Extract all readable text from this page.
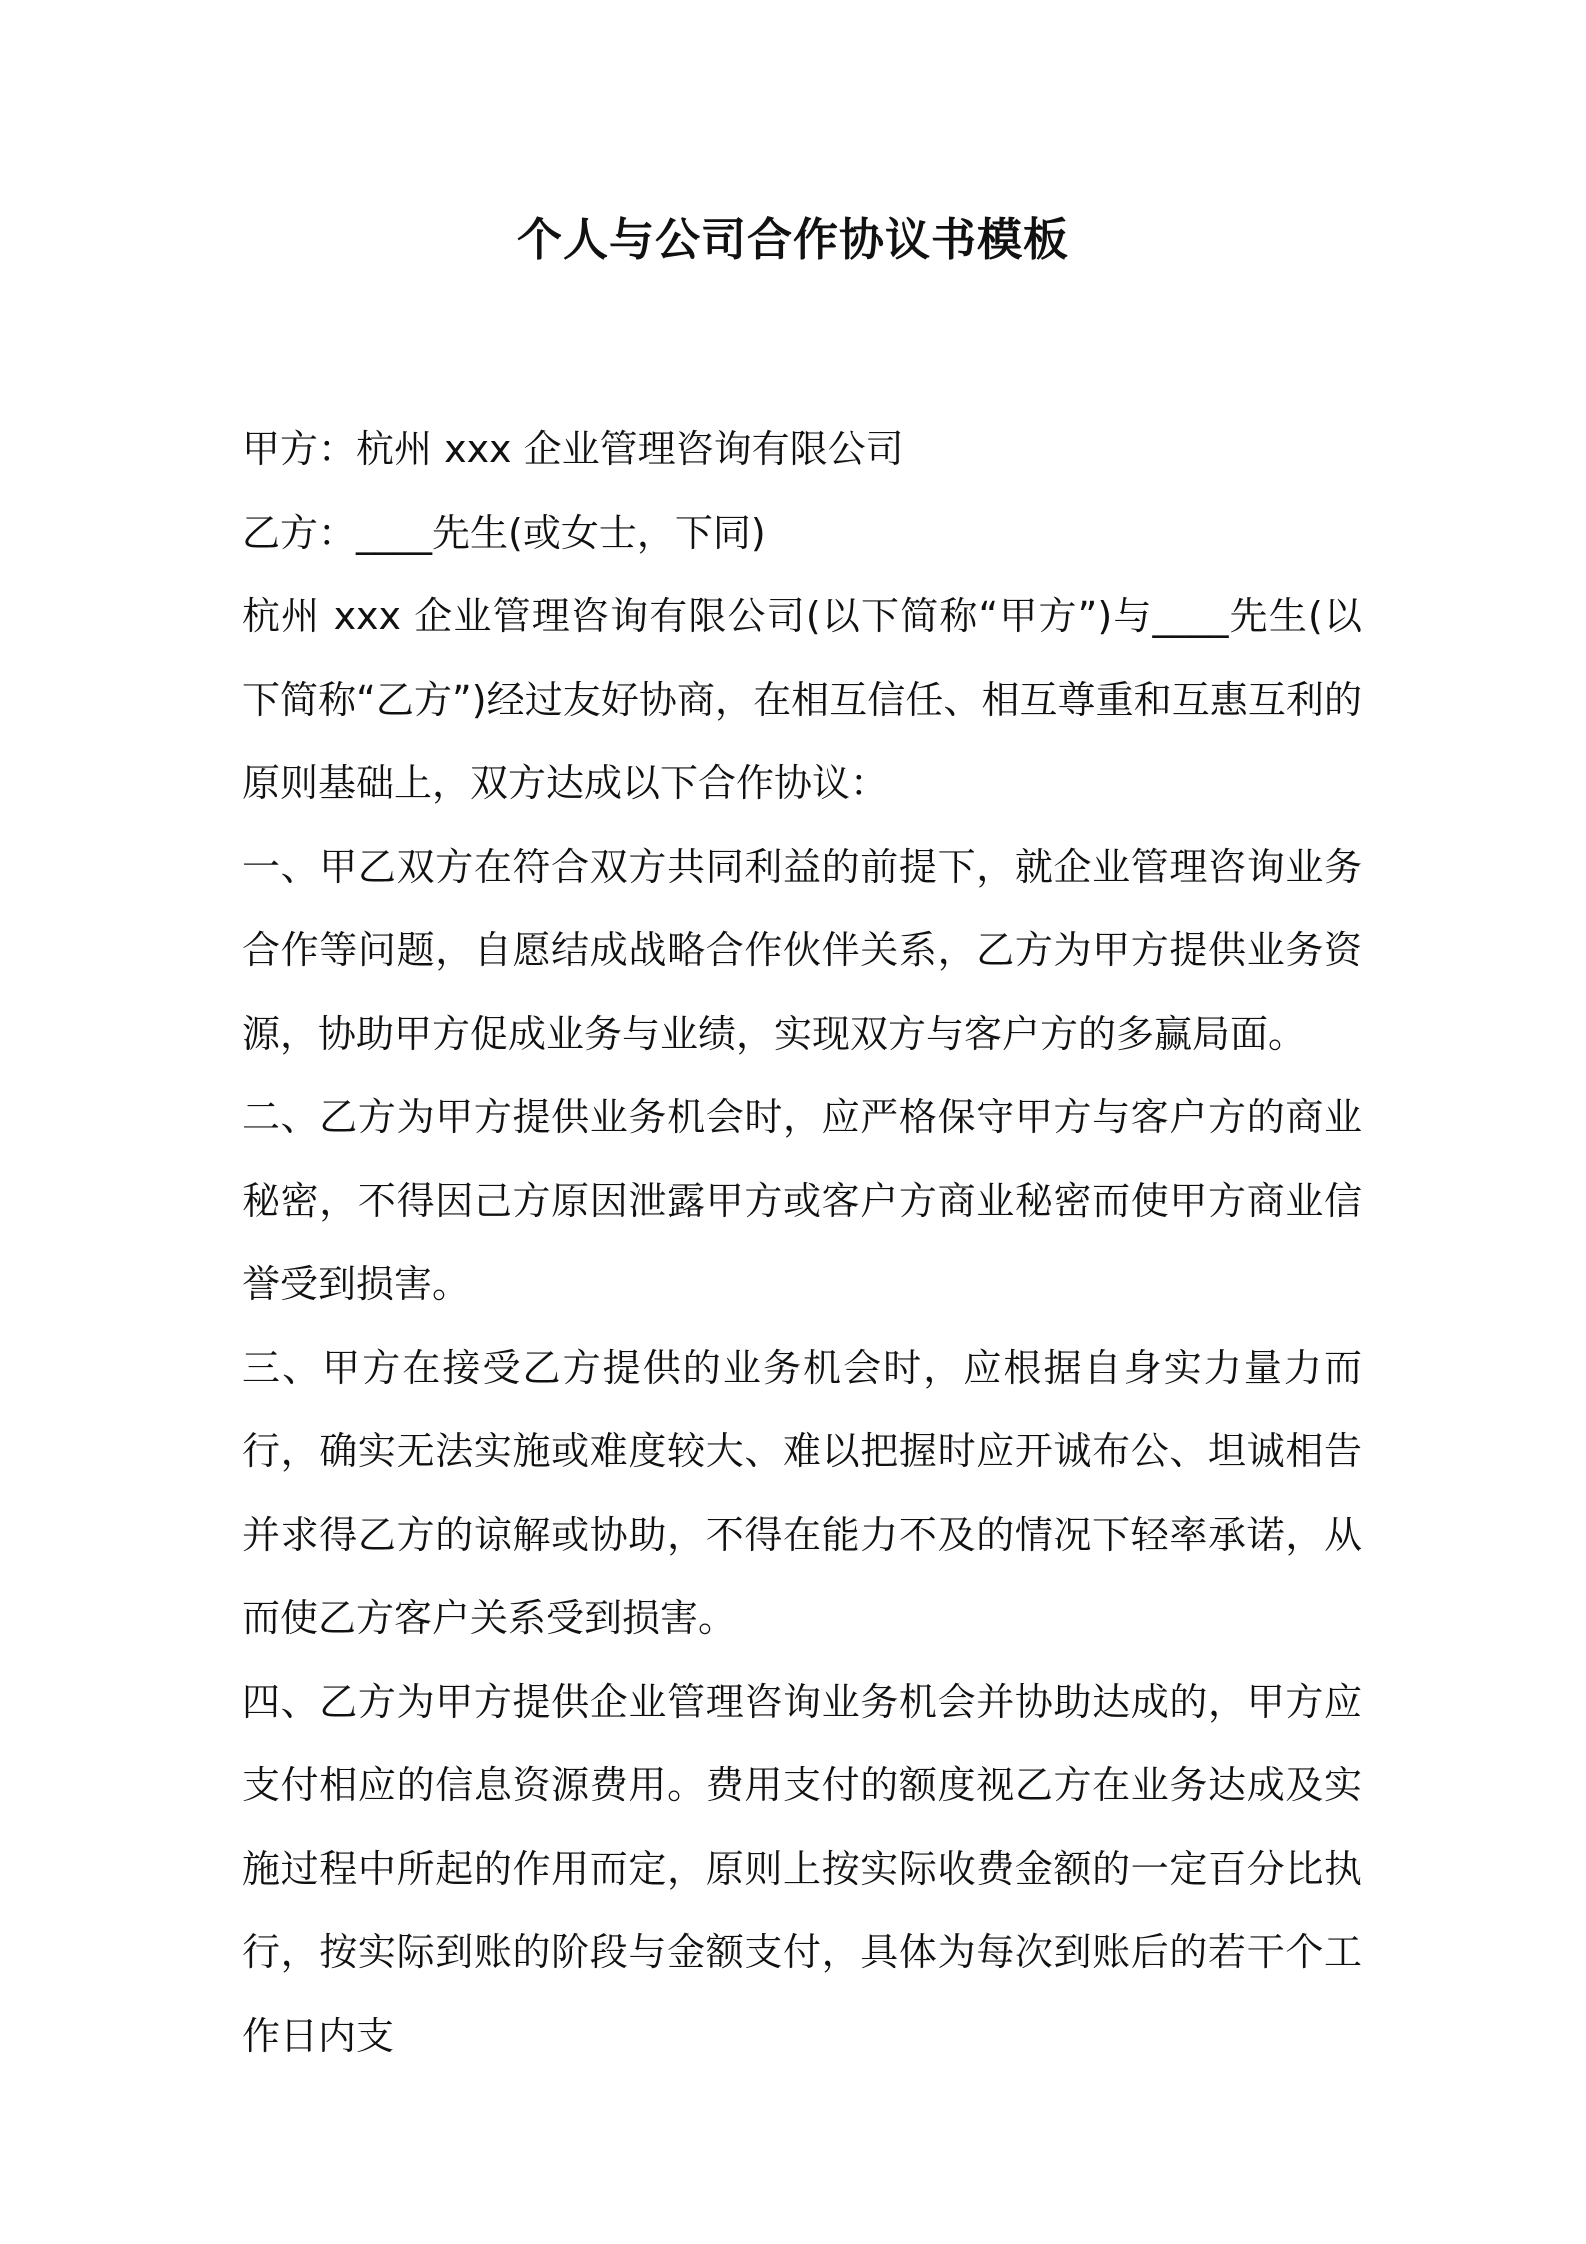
个人与公司合作协议书模板

甲方：杭州 xxx 企业管理咨询有限公司

乙方：____先生(或女士，下同)

杭州 xxx 企业管理咨询有限公司(以下简称“甲方”)与____先生(以下简称“乙方”)经过友好协商，在相互信任、相互尊重和互惠互利的原则基础上，双方达成以下合作协议：

一、甲乙双方在符合双方共同利益的前提下，就企业管理咨询业务合作等问题，自愿结成战略合作伙伴关系，乙方为甲方提供业务资源，协助甲方促成业务与业绩，实现双方与客户方的多赢局面。

二、乙方为甲方提供业务机会时，应严格保守甲方与客户方的商业秘密，不得因己方原因泄露甲方或客户方商业秘密而使甲方商业信誉受到损害。

三、甲方在接受乙方提供的业务机会时，应根据自身实力量力而行，确实无法实施或难度较大、难以把握时应开诚布公、坦诚相告并求得乙方的谅解或协助，不得在能力不及的情况下轻率承诺，从而使乙方客户关系受到损害。

四、乙方为甲方提供企业管理咨询业务机会并协助达成的，甲方应支付相应的信息资源费用。费用支付的额度视乙方在业务达成及实施过程中所起的作用而定，原则上按实际收费金额的一定百分比执行，按实际到账的阶段与金额支付，具体为每次到账后的若干个工作日内支
